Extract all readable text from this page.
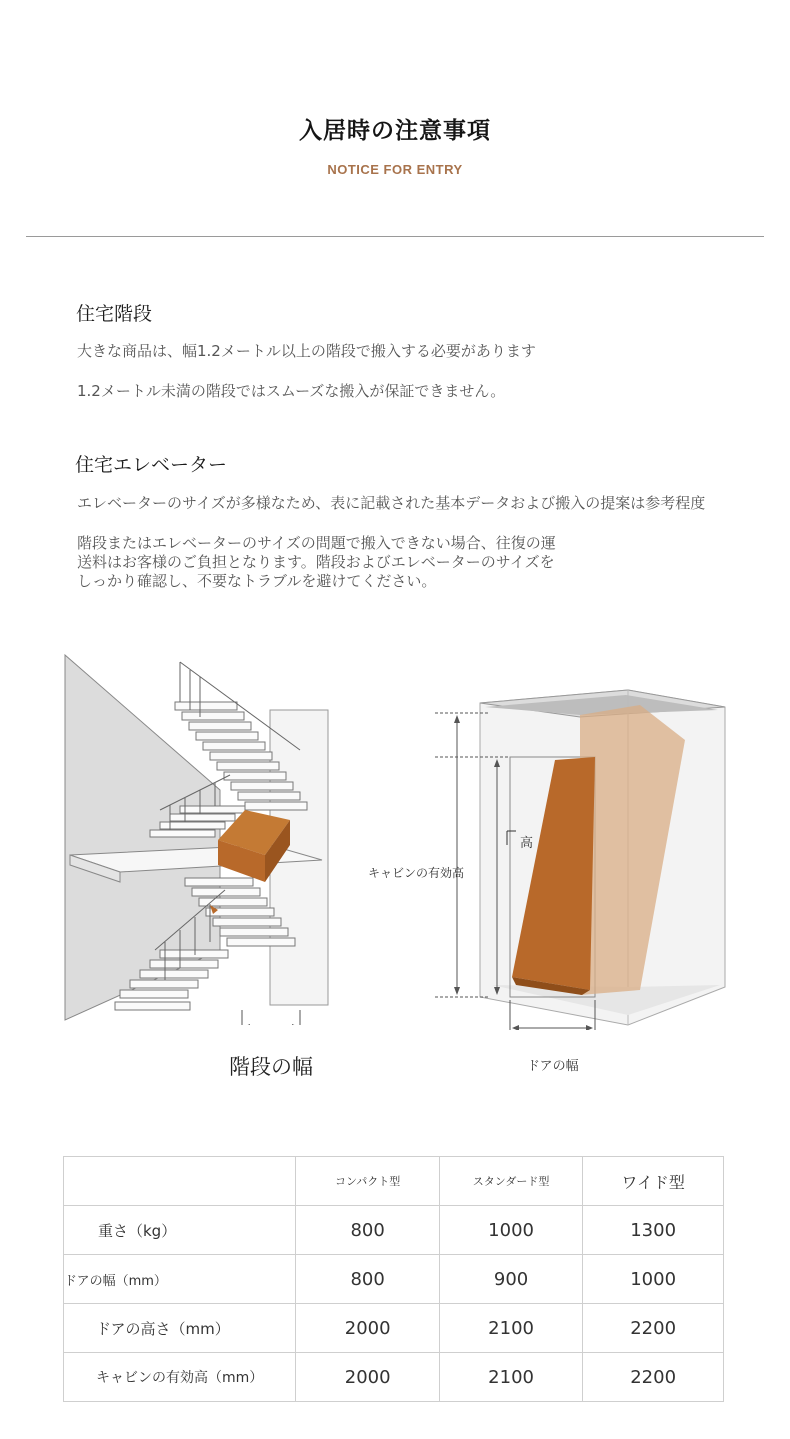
入居時の注意事項
NOTICE FOR ENTRY
住宅階段
大きな商品は、幅1.2メートル以上の階段で搬入する必要があります
1.2メートル未満の階段ではスムーズな搬入が保証できません。
住宅エレベーター
エレベーターのサイズが多様なため、表に記載された基本データおよび搬入の提案は参考程度
階段またはエレベーターのサイズの問題で搬入できない場合、往復の運
送料はお客様のご負担となります。階段およびエレベーターのサイズを
しっかり確認し、不要なトラブルを避けてください。
階段の幅
キャビンの有効高
高
ドアの幅
	コンパクト型	スタンダード型	ワイド型
重さ（kg）	800	1000	1300
ドアの幅（mm）	800	900	1000
ドアの高さ（mm）	2000	2100	2200
キャビンの有効高（mm）	2000	2100	2200
